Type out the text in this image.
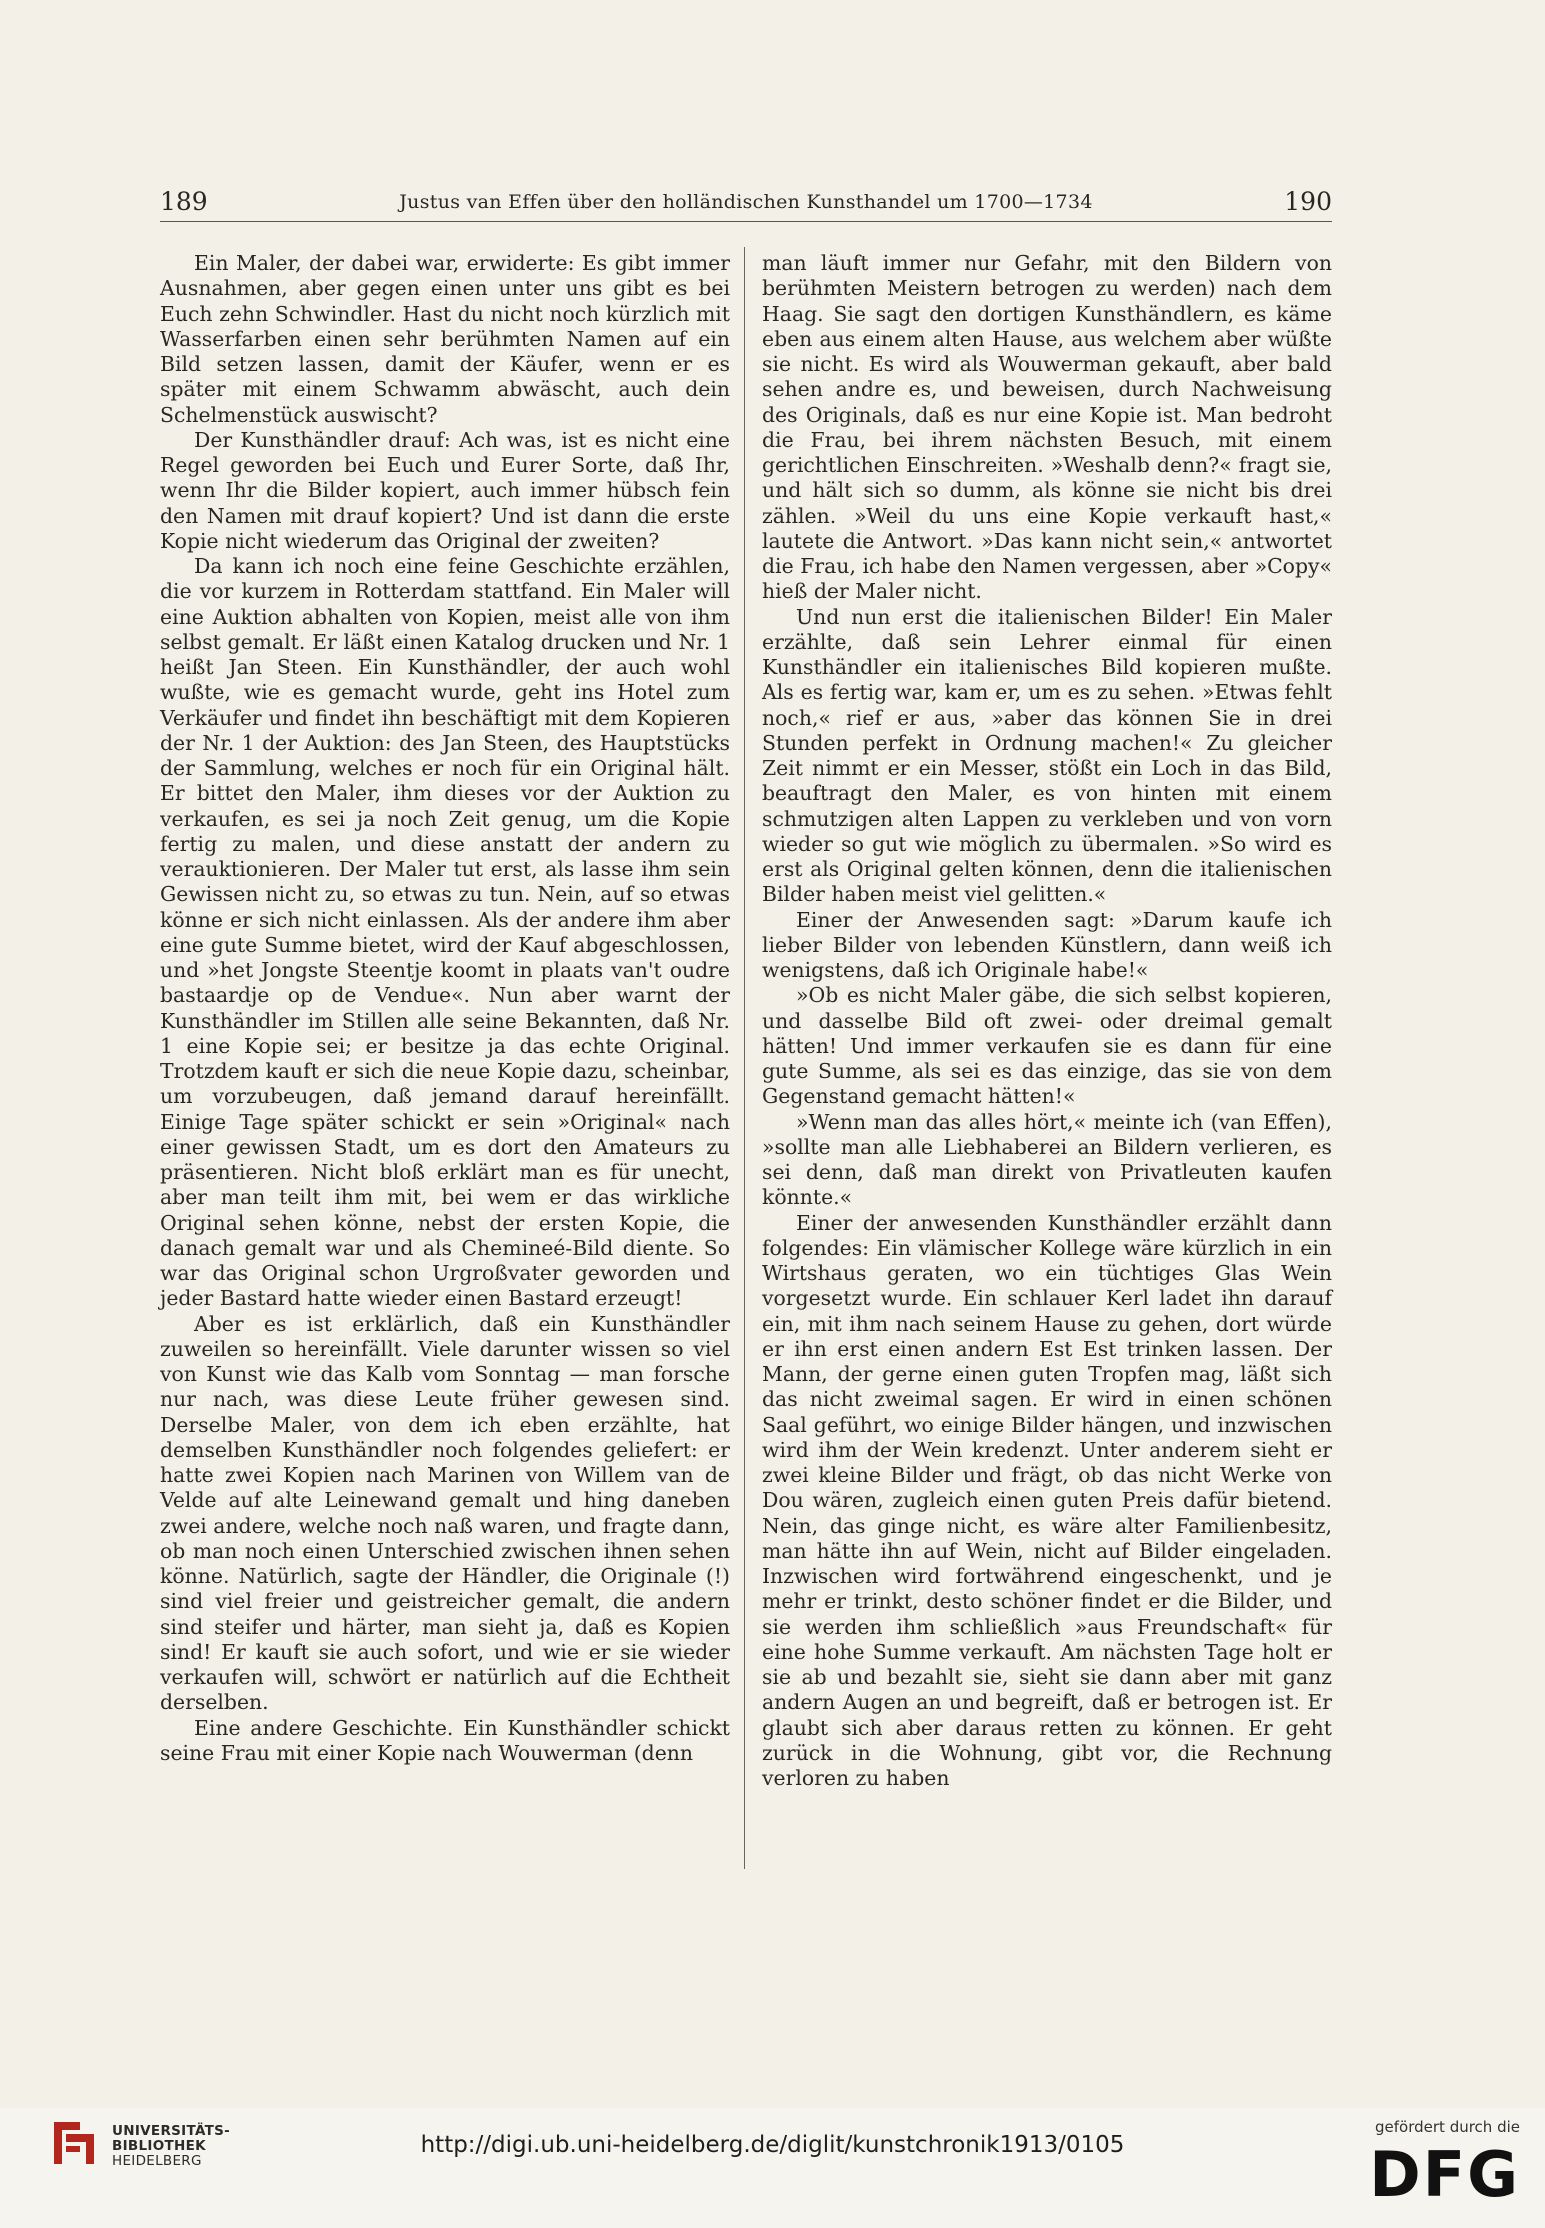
189	Justus van Effen über den holländischen Kunsthandel um 1700—1734	190

Ein Maler, der dabei war, erwiderte: Es gibt immer Ausnahmen, aber gegen einen unter uns gibt es bei Euch zehn Schwindler. Hast du nicht noch kürzlich mit Wasserfarben einen sehr berühmten Namen auf ein Bild setzen lassen, damit der Käufer, wenn er es später mit einem Schwamm abwäscht, auch dein Schelmenstück auswischt?

Der Kunsthändler drauf: Ach was, ist es nicht eine Regel geworden bei Euch und Eurer Sorte, daß Ihr, wenn Ihr die Bilder kopiert, auch immer hübsch fein den Namen mit drauf kopiert? Und ist dann die erste Kopie nicht wiederum das Original der zweiten?

Da kann ich noch eine feine Geschichte erzählen, die vor kurzem in Rotterdam stattfand. Ein Maler will eine Auktion abhalten von Kopien, meist alle von ihm selbst gemalt. Er läßt einen Katalog drucken und Nr. 1 heißt Jan Steen. Ein Kunsthändler, der auch wohl wußte, wie es gemacht wurde, geht ins Hotel zum Verkäufer und findet ihn beschäftigt mit dem Kopieren der Nr. 1 der Auktion: des Jan Steen, des Hauptstücks der Sammlung, welches er noch für ein Original hält. Er bittet den Maler, ihm dieses vor der Auktion zu verkaufen, es sei ja noch Zeit genug, um die Kopie fertig zu malen, und diese anstatt der andern zu verauktionieren. Der Maler tut erst, als lasse ihm sein Gewissen nicht zu, so etwas zu tun. Nein, auf so etwas könne er sich nicht einlassen. Als der andere ihm aber eine gute Summe bietet, wird der Kauf abgeschlossen, und »het Jongste Steentje koomt in plaats van't oudre bastaardje op de Vendue«. Nun aber warnt der Kunsthändler im Stillen alle seine Bekannten, daß Nr. 1 eine Kopie sei; er besitze ja das echte Original. Trotzdem kauft er sich die neue Kopie dazu, scheinbar, um vorzubeugen, daß jemand darauf hereinfällt. Einige Tage später schickt er sein »Original« nach einer gewissen Stadt, um es dort den Amateurs zu präsentieren. Nicht bloß erklärt man es für unecht, aber man teilt ihm mit, bei wem er das wirkliche Original sehen könne, nebst der ersten Kopie, die danach gemalt war und als Chemineé-Bild diente. So war das Original schon Urgroßvater geworden und jeder Bastard hatte wieder einen Bastard erzeugt!

Aber es ist erklärlich, daß ein Kunsthändler zuweilen so hereinfällt. Viele darunter wissen so viel von Kunst wie das Kalb vom Sonntag — man forsche nur nach, was diese Leute früher gewesen sind. Derselbe Maler, von dem ich eben erzählte, hat demselben Kunsthändler noch folgendes geliefert: er hatte zwei Kopien nach Marinen von Willem van de Velde auf alte Leinewand gemalt und hing daneben zwei andere, welche noch naß waren, und fragte dann, ob man noch einen Unterschied zwischen ihnen sehen könne. Natürlich, sagte der Händler, die Originale (!) sind viel freier und geistreicher gemalt, die andern sind steifer und härter, man sieht ja, daß es Kopien sind! Er kauft sie auch sofort, und wie er sie wieder verkaufen will, schwört er natürlich auf die Echtheit derselben.

Eine andere Geschichte. Ein Kunsthändler schickt seine Frau mit einer Kopie nach Wouwerman (denn

man läuft immer nur Gefahr, mit den Bildern von berühmten Meistern betrogen zu werden) nach dem Haag. Sie sagt den dortigen Kunsthändlern, es käme eben aus einem alten Hause, aus welchem aber wüßte sie nicht. Es wird als Wouwerman gekauft, aber bald sehen andre es, und beweisen, durch Nachweisung des Originals, daß es nur eine Kopie ist. Man bedroht die Frau, bei ihrem nächsten Besuch, mit einem gerichtlichen Einschreiten. »Weshalb denn?« fragt sie, und hält sich so dumm, als könne sie nicht bis drei zählen. »Weil du uns eine Kopie verkauft hast,« lautete die Antwort. »Das kann nicht sein,« antwortet die Frau, ich habe den Namen vergessen, aber »Copy« hieß der Maler nicht.

Und nun erst die italienischen Bilder! Ein Maler erzählte, daß sein Lehrer einmal für einen Kunsthändler ein italienisches Bild kopieren mußte. Als es fertig war, kam er, um es zu sehen. »Etwas fehlt noch,« rief er aus, »aber das können Sie in drei Stunden perfekt in Ordnung machen!« Zu gleicher Zeit nimmt er ein Messer, stößt ein Loch in das Bild, beauftragt den Maler, es von hinten mit einem schmutzigen alten Lappen zu verkleben und von vorn wieder so gut wie möglich zu übermalen. »So wird es erst als Original gelten können, denn die italienischen Bilder haben meist viel gelitten.«

Einer der Anwesenden sagt: »Darum kaufe ich lieber Bilder von lebenden Künstlern, dann weiß ich wenigstens, daß ich Originale habe!«

»Ob es nicht Maler gäbe, die sich selbst kopieren, und dasselbe Bild oft zwei- oder dreimal gemalt hätten! Und immer verkaufen sie es dann für eine gute Summe, als sei es das einzige, das sie von dem Gegenstand gemacht hätten!«

»Wenn man das alles hört,« meinte ich (van Effen), »sollte man alle Liebhaberei an Bildern verlieren, es sei denn, daß man direkt von Privatleuten kaufen könnte.«

Einer der anwesenden Kunsthändler erzählt dann folgendes: Ein vlämischer Kollege wäre kürzlich in ein Wirtshaus geraten, wo ein tüchtiges Glas Wein vorgesetzt wurde. Ein schlauer Kerl ladet ihn darauf ein, mit ihm nach seinem Hause zu gehen, dort würde er ihn erst einen andern Est Est trinken lassen. Der Mann, der gerne einen guten Tropfen mag, läßt sich das nicht zweimal sagen. Er wird in einen schönen Saal geführt, wo einige Bilder hängen, und inzwischen wird ihm der Wein kredenzt. Unter anderem sieht er zwei kleine Bilder und frägt, ob das nicht Werke von Dou wären, zugleich einen guten Preis dafür bietend. Nein, das ginge nicht, es wäre alter Familienbesitz, man hätte ihn auf Wein, nicht auf Bilder eingeladen. Inzwischen wird fortwährend eingeschenkt, und je mehr er trinkt, desto schöner findet er die Bilder, und sie werden ihm schließlich »aus Freundschaft« für eine hohe Summe verkauft. Am nächsten Tage holt er sie ab und bezahlt sie, sieht sie dann aber mit ganz andern Augen an und begreift, daß er betrogen ist. Er glaubt sich aber daraus retten zu können. Er geht zurück in die Wohnung, gibt vor, die Rechnung verloren zu haben

UNIVERSITÄTS-
BIBLIOTHEK
HEIDELBERG
http://digi.ub.uni-heidelberg.de/diglit/kunstchronik1913/0105
gefördert durch die
DFG
